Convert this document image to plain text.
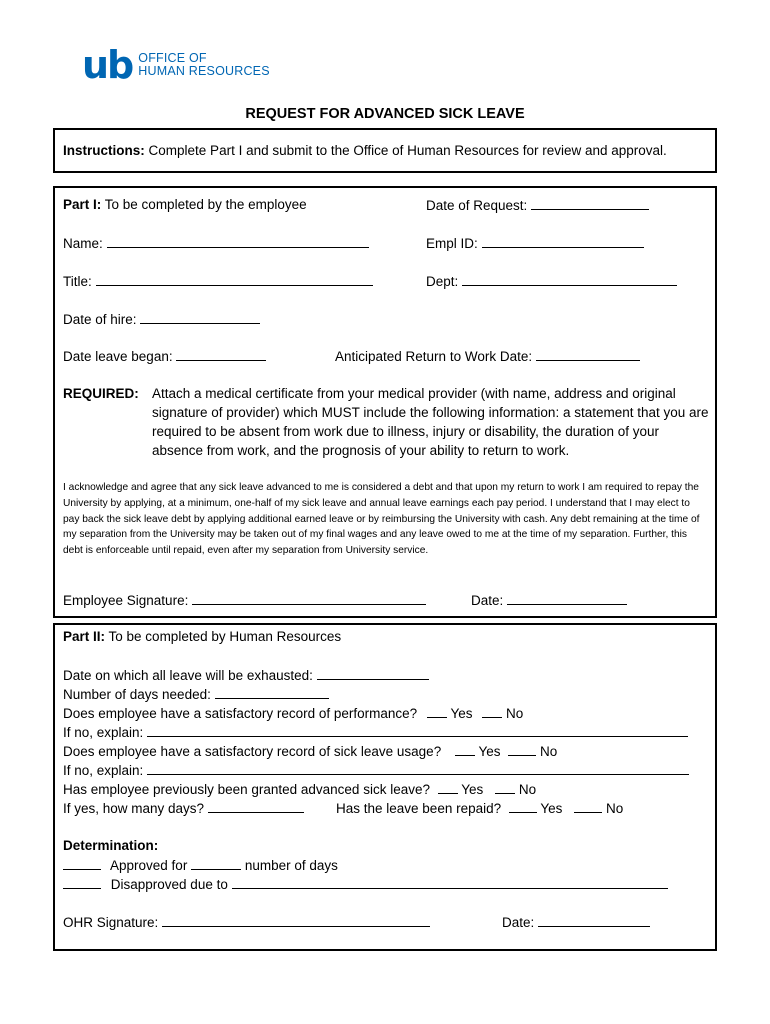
ub OFFICE OF
HUMAN RESOURCES
REQUEST FOR ADVANCED SICK LEAVE
Instructions: Complete Part I and submit to the Office of Human Resources for review and approval.
Part I: To be completed by the employee	Date of Request:
Name:	Empl ID:
Title:	Dept:
Date of hire:
Date leave began:	Anticipated Return to Work Date:
REQUIRED: Attach a medical certificate from your medical provider (with name, address and original signature of provider) which MUST include the following information: a statement that you are required to be absent from work due to illness, injury or disability, the duration of your absence from work, and the prognosis of your ability to return to work.
I acknowledge and agree that any sick leave advanced to me is considered a debt and that upon my return to work I am required to repay the University by applying, at a minimum, one-half of my sick leave and annual leave earnings each pay period. I understand that I may elect to pay back the sick leave debt by applying additional earned leave or by reimbursing the University with cash. Any debt remaining at the time of my separation from the University may be taken out of my final wages and any leave owed to me at the time of my separation. Further, this debt is enforceable until repaid, even after my separation from University service.
Employee Signature:	Date:
Part II: To be completed by Human Resources
Date on which all leave will be exhausted:
Number of days needed:
Does employee have a satisfactory record of performance? Yes No
If no, explain:
Does employee have a satisfactory record of sick leave usage?	Yes	No
If no, explain:
Has employee previously been granted advanced sick leave? Yes	No
If yes, how many days?	Has the leave been repaid?	Yes	No
Determination:
Approved for	number of days
Disapproved due to
OHR Signature:	Date:
